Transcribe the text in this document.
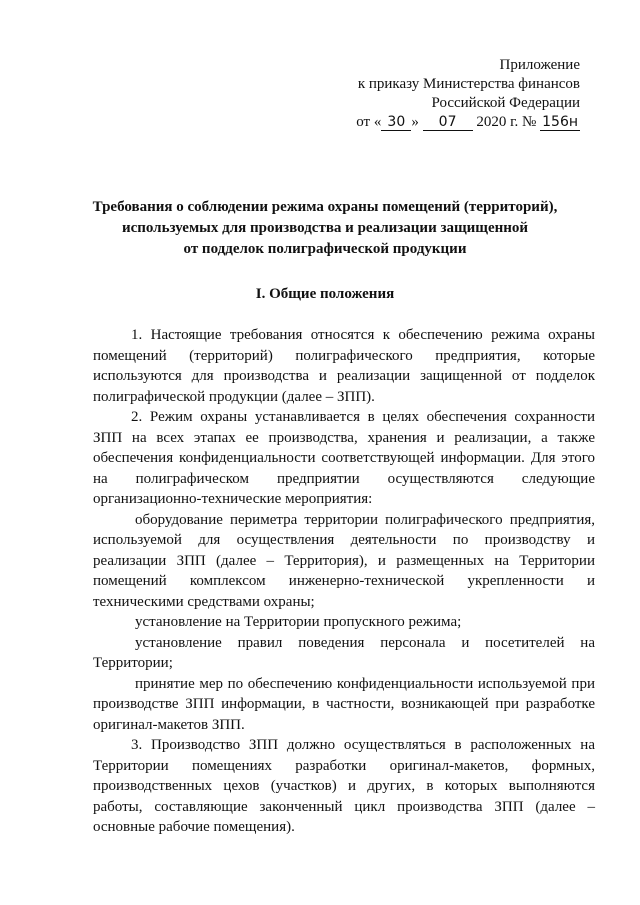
Приложение
к приказу Министерства финансов
Российской Федерации
от « 30 » 07 2020 г. № 156н
Требования о соблюдении режима охраны помещений (территорий),
используемых для производства и реализации защищенной
от подделок полиграфической продукции
I. Общие положения

1. Настоящие требования относятся к обеспечению режима охраны помещений (территорий) полиграфического предприятия, которые используются для производства и реализации защищенной от подделок полиграфической продукции (далее – ЗПП).

2. Режим охраны устанавливается в целях обеспечения сохранности ЗПП на всех этапах ее производства, хранения и реализации, а также обеспечения конфиденциальности соответствующей информации. Для этого на полиграфическом предприятии осуществляются следующие организационно-технические мероприятия:

оборудование периметра территории полиграфического предприятия, используемой для осуществления деятельности по производству и реализации ЗПП (далее – Территория), и размещенных на Территории помещений комплексом инженерно-технической укрепленности и техническими средствами охраны;

установление на Территории пропускного режима;

установление правил поведения персонала и посетителей на Территории;

принятие мер по обеспечению конфиденциальности используемой при производстве ЗПП информации, в частности, возникающей при разработке оригинал-макетов ЗПП.

3. Производство ЗПП должно осуществляться в расположенных на Территории помещениях разработки оригинал-макетов, формных, производственных цехов (участков) и других, в которых выполняются работы, составляющие законченный цикл производства ЗПП (далее – основные рабочие помещения).
